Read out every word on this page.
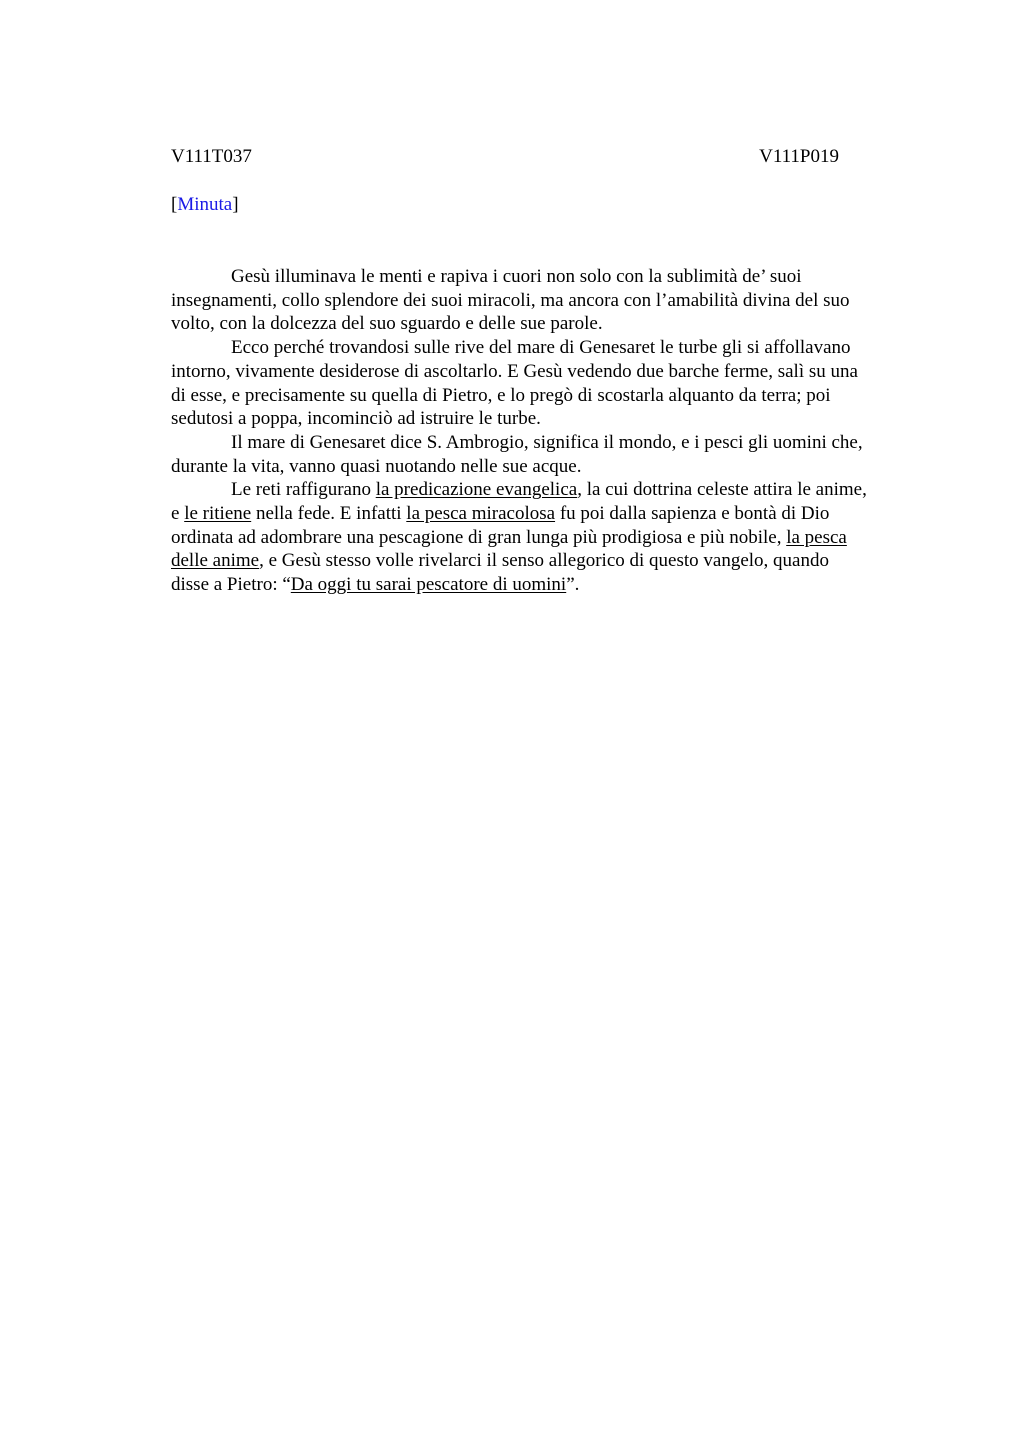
V111T037	V111P019
[Minuta]

Gesù illuminava le menti e rapiva i cuori non solo con la sublimità de’ suoi
insegnamenti, collo splendore dei suoi miracoli, ma ancora con l’amabilità divina del suo
volto, con la dolcezza del suo sguardo e delle sue parole.

Ecco perché trovandosi sulle rive del mare di Genesaret le turbe gli si affollavano
intorno, vivamente desiderose di ascoltarlo. E Gesù vedendo due barche ferme, salì su una
di esse, e precisamente su quella di Pietro, e lo pregò di scostarla alquanto da terra; poi
sedutosi a poppa, incominciò ad istruire le turbe.

Il mare di Genesaret dice S. Ambrogio, significa il mondo, e i pesci gli uomini che,
durante la vita, vanno quasi nuotando nelle sue acque.

Le reti raffigurano la predicazione evangelica, la cui dottrina celeste attira le anime,
e le ritiene nella fede. E infatti la pesca miracolosa fu poi dalla sapienza e bontà di Dio
ordinata ad adombrare una pescagione di gran lunga più prodigiosa e più nobile, la pesca
delle anime, e Gesù stesso volle rivelarci il senso allegorico di questo vangelo, quando
disse a Pietro: “Da oggi tu sarai pescatore di uomini”.
